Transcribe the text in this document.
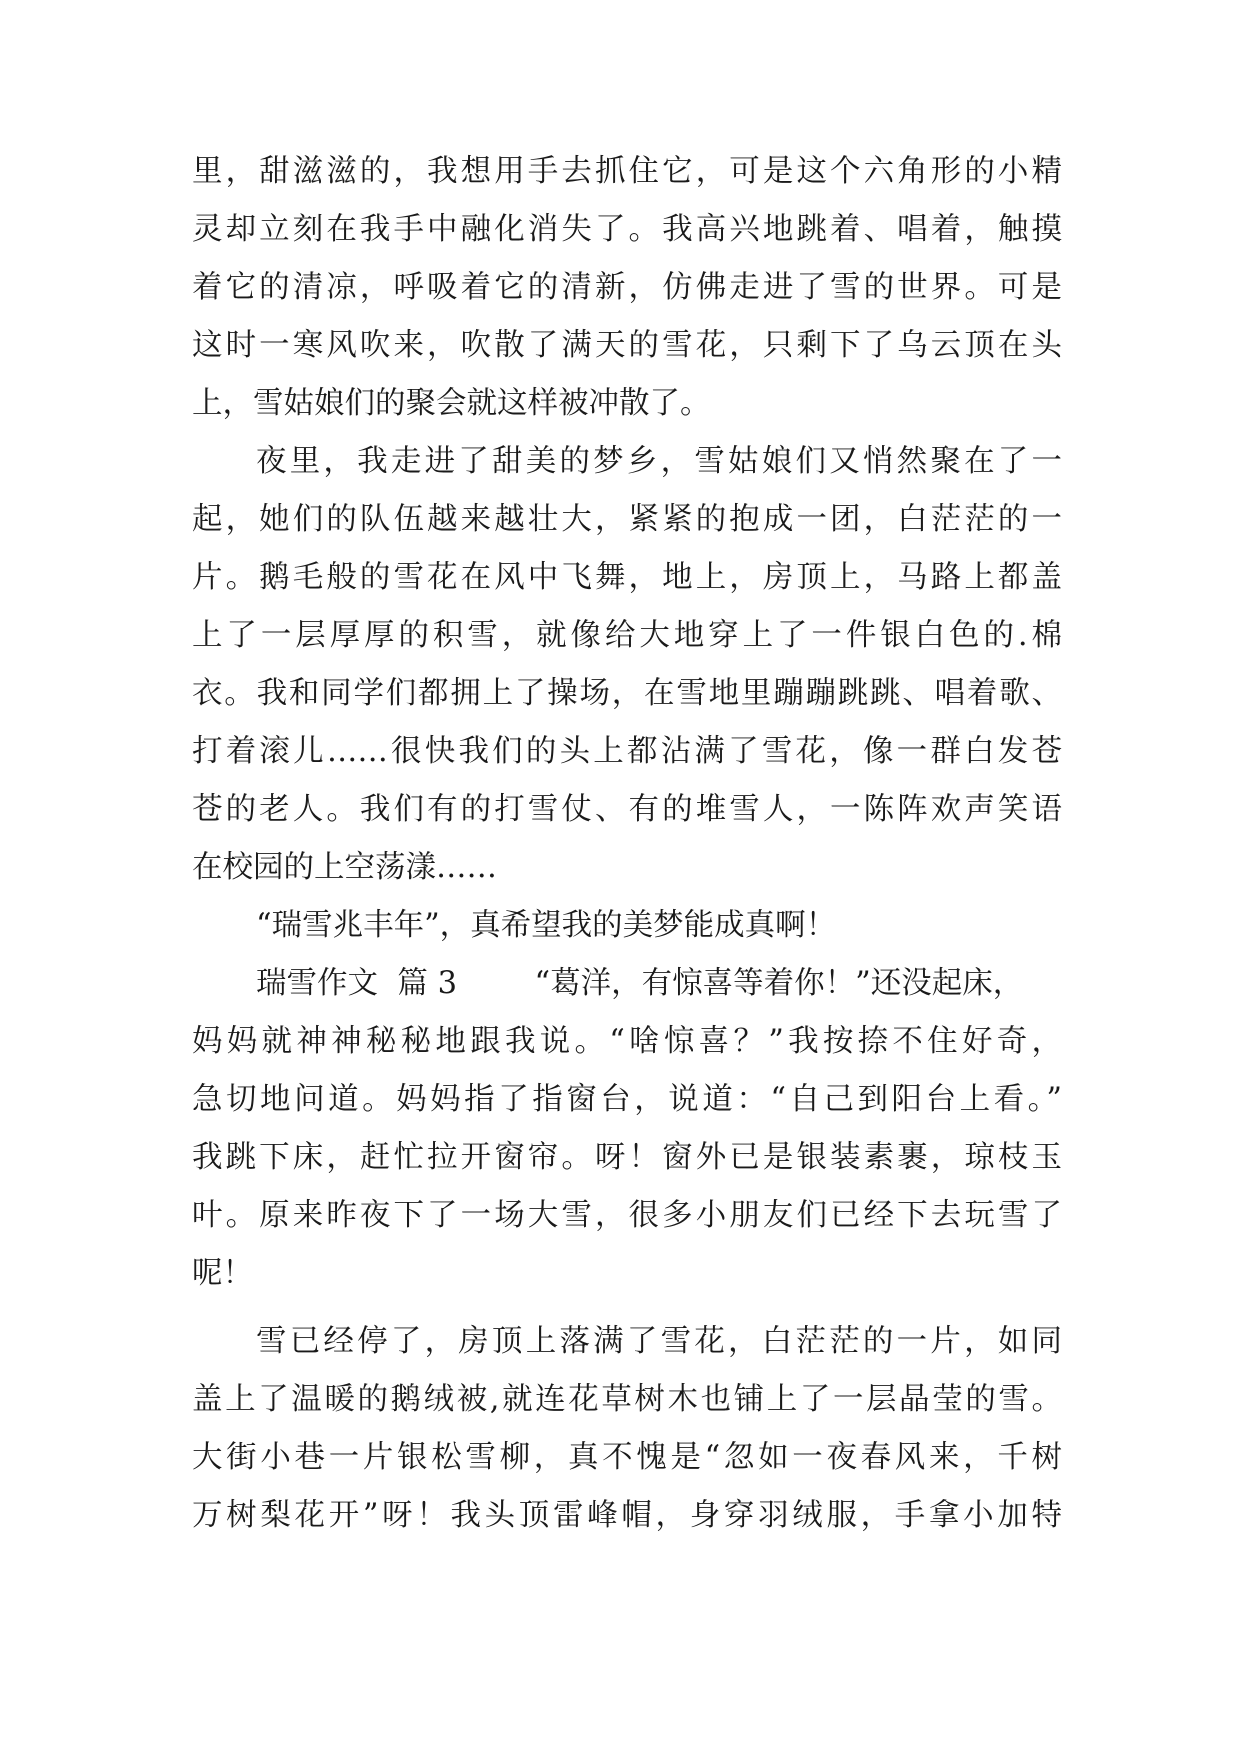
里，甜滋滋的，我想用手去抓住它，可是这个六角形的小精
灵却立刻在我手中融化消失了。我高兴地跳着、唱着，触摸
着它的清凉，呼吸着它的清新，仿佛走进了雪的世界。可是
这时一寒风吹来，吹散了满天的雪花，只剩下了乌云顶在头
上，雪姑娘们的聚会就这样被冲散了。
夜里，我走进了甜美的梦乡，雪姑娘们又悄然聚在了一
起，她们的队伍越来越壮大，紧紧的抱成一团，白茫茫的一
片。鹅毛般的雪花在风中飞舞，地上，房顶上，马路上都盖
上了一层厚厚的积雪，就像给大地穿上了一件银白色的.棉
衣。我和同学们都拥上了操场，在雪地里蹦蹦跳跳、唱着歌、
打着滚儿……很快我们的头上都沾满了雪花，像一群白发苍
苍的老人。我们有的打雪仗、有的堆雪人，一陈阵欢声笑语
在校园的上空荡漾……
“瑞雪兆丰年”，真希望我的美梦能成真啊！
瑞雪作文  篇 3        “葛洋，有惊喜等着你！”还没起床，
妈妈就神神秘秘地跟我说。“啥惊喜？”我按捺不住好奇，
急切地问道。妈妈指了指窗台，说道：“自己到阳台上看。”
我跳下床，赶忙拉开窗帘。呀！窗外已是银装素裹，琼枝玉
叶。原来昨夜下了一场大雪，很多小朋友们已经下去玩雪了
呢！
雪已经停了，房顶上落满了雪花，白茫茫的一片，如同
盖上了温暖的鹅绒被,就连花草树木也铺上了一层晶莹的雪。
大街小巷一片银松雪柳，真不愧是“忽如一夜春风来，千树
万树梨花开”呀！我头顶雷峰帽，身穿羽绒服，手拿小加特
